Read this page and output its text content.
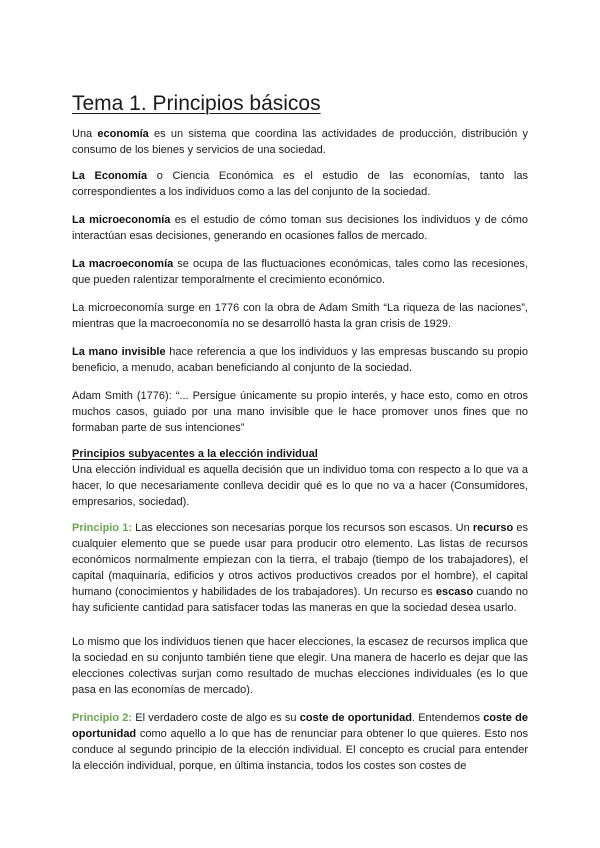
Tema 1. Principios básicos

Una economía es un sistema que coordina las actividades de producción, distribución y consumo de los bienes y servicios de una sociedad.

La Economía o Ciencia Económica es el estudio de las economías, tanto las correspondientes a los individuos como a las del conjunto de la sociedad.

La microeconomía es el estudio de cómo toman sus decisiones los individuos y de cómo interactúan esas decisiones, generando en ocasiones fallos de mercado.

La macroeconomía se ocupa de las fluctuaciones económicas, tales como las recesiones, que pueden ralentizar temporalmente el crecimiento económico.

La microeconomía surge en 1776 con la obra de Adam Smith “La riqueza de las naciones”, mientras que la macroeconomía no se desarrolló hasta la gran crisis de 1929.

La mano invisible hace referencia a que los individuos y las empresas buscando su propio beneficio, a menudo, acaban beneficiando al conjunto de la sociedad.

Adam Smith (1776): “... Persigue únicamente su propio interés, y hace esto, como en otros muchos casos, guiado por una mano invisible que le hace promover unos fines que no formaban parte de sus intenciones”

Principios subyacentes a la elección individual
Una elección individual es aquella decisión que un individuo toma con respecto a lo que va a hacer, lo que necesariamente conlleva decidir qué es lo que no va a hacer (Consumidores, empresarios, sociedad).

Principio 1: Las elecciones son necesarias porque los recursos son escasos. Un recurso es cualquier elemento que se puede usar para producir otro elemento. Las listas de recursos económicos normalmente empiezan con la tierra, el trabajo (tiempo de los trabajadores), el capital (maquinaria, edificios y otros activos productivos creados por el hombre), el capital humano (conocimientos y habilidades de los trabajadores). Un recurso es escaso cuando no hay suficiente cantidad para satisfacer todas las maneras en que la sociedad desea usarlo.

Lo mismo que los individuos tienen que hacer elecciones, la escasez de recursos implica que la sociedad en su conjunto también tiene que elegir. Una manera de hacerlo es dejar que las elecciones colectivas surjan como resultado de muchas elecciones individuales (es lo que pasa en las economías de mercado).

Principio 2: El verdadero coste de algo es su coste de oportunidad. Entendemos coste de oportunidad como aquello a lo que has de renunciar para obtener lo que quieres. Esto nos conduce al segundo principio de la elección individual. El concepto es crucial para entender la elección individual, porque, en última instancia, todos los costes son costes de
